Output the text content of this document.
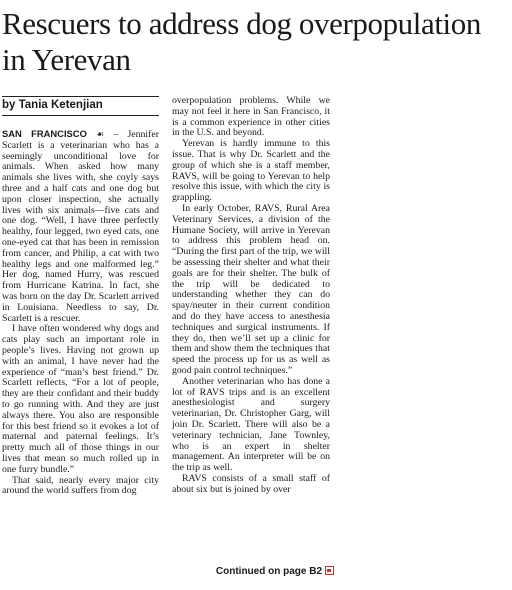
Rescuers to address dog overpopulation in Yerevan
by Tania Ketenjian

SAN FRANCISCO ☙ – Jennifer Scarlett is a veterinarian who has a seemingly unconditional love for animals. When asked how many animals she lives with, she coyly says three and a half cats and one dog but upon closer inspection, she actually lives with six animals—five cats and one dog. “Well, I have three perfectly healthy, four legged, two eyed cats, one one-eyed cat that has been in remission from cancer, and Philip, a cat with two healthy legs and one malformed leg.” Her dog, named Hurry, was rescued from Hurricane Katrina. In fact, she was born on the day Dr. Scarlett arrived in Louisiana. Needless to say, Dr. Scarlett is a rescuer.

I have often wondered why dogs and cats play such an important role in people’s lives. Having not grown up with an animal, I have never had the experience of “man’s best friend.” Dr. Scarlett reflects, “For a lot of people, they are their confidant and their buddy to go running with. And they are just always there. You also are responsible for this best friend so it evokes a lot of maternal and paternal feelings. It’s pretty much all of those things in our lives that mean so much rolled up in one furry bundle.”

That said, nearly every major city around the world suffers from dog

overpopulation problems. While we may not feel it here in San Francisco, it is a common experience in other cities in the U.S. and beyond.

Yerevan is hardly immune to this issue. That is why Dr. Scarlett and the group of which she is a staff member, RAVS, will be going to Yerevan to help resolve this issue, with which the city is grappling.

In early October, RAVS, Rural Area Veterinary Services, a division of the Humane Society, will arrive in Yerevan to address this problem head on. “During the first part of the trip, we will be assessing their shelter and what their goals are for their shelter. The bulk of the trip will be dedicated to understanding whether they can do spay/neuter in their current condition and do they have access to anesthesia techniques and surgical instruments. If they do, then we’ll set up a clinic for them and show them the techniques that speed the process up for us as well as good pain control techniques.”

Another veterinarian who has done a lot of RAVS trips and is an excellent anesthesiologist and surgery veterinarian, Dr. Christopher Garg, will join Dr. Scarlett. There will also be a veterinary technician, Jane Townley, who is an expert in shelter management. An interpreter will be on the trip as well.

RAVS consists of a small staff of about six but is joined by over

Continued on page B2
